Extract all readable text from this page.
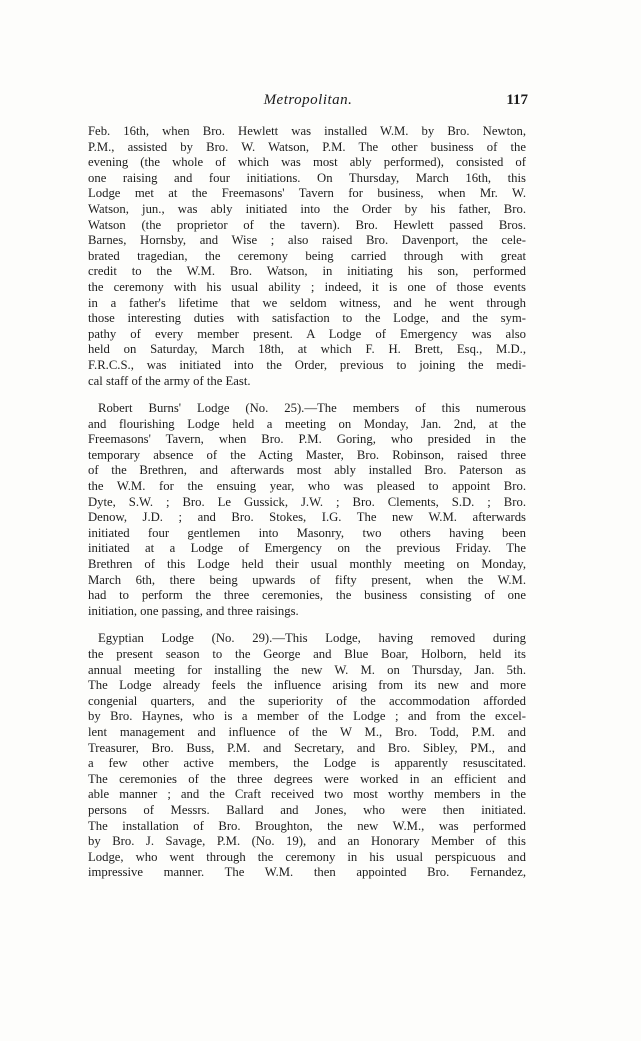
Metropolitan.	117

Feb. 16th, when Bro. Hewlett was installed W.M. by Bro. Newton,
P.M., assisted by Bro. W. Watson, P.M. The other business of the
evening (the whole of which was most ably performed), consisted of
one raising and four initiations. On Thursday, March 16th, this
Lodge met at the Freemasons' Tavern for business, when Mr. W.
Watson, jun., was ably initiated into the Order by his father, Bro.
Watson (the proprietor of the tavern). Bro. Hewlett passed Bros.
Barnes, Hornsby, and Wise ; also raised Bro. Davenport, the cele-
brated tragedian, the ceremony being carried through with great
credit to the W.M. Bro. Watson, in initiating his son, performed
the ceremony with his usual ability ; indeed, it is one of those events
in a father's lifetime that we seldom witness, and he went through
those interesting duties with satisfaction to the Lodge, and the sym-
pathy of every member present. A Lodge of Emergency was also
held on Saturday, March 18th, at which F. H. Brett, Esq., M.D.,
F.R.C.S., was initiated into the Order, previous to joining the medi-
cal staff of the army of the East.

Robert Burns' Lodge (No. 25).—The members of this numerous
and flourishing Lodge held a meeting on Monday, Jan. 2nd, at the
Freemasons' Tavern, when Bro. P.M. Goring, who presided in the
temporary absence of the Acting Master, Bro. Robinson, raised three
of the Brethren, and afterwards most ably installed Bro. Paterson as
the W.M. for the ensuing year, who was pleased to appoint Bro.
Dyte, S.W. ; Bro. Le Gussick, J.W. ; Bro. Clements, S.D. ; Bro.
Denow, J.D. ; and Bro. Stokes, I.G. The new W.M. afterwards
initiated four gentlemen into Masonry, two others having been
initiated at a Lodge of Emergency on the previous Friday. The
Brethren of this Lodge held their usual monthly meeting on Monday,
March 6th, there being upwards of fifty present, when the W.M.
had to perform the three ceremonies, the business consisting of one
initiation, one passing, and three raisings.

Egyptian Lodge (No. 29).—This Lodge, having removed during
the present season to the George and Blue Boar, Holborn, held its
annual meeting for installing the new W. M. on Thursday, Jan. 5th.
The Lodge already feels the influence arising from its new and more
congenial quarters, and the superiority of the accommodation afforded
by Bro. Haynes, who is a member of the Lodge ; and from the excel-
lent management and influence of the W M., Bro. Todd, P.M. and
Treasurer, Bro. Buss, P.M. and Secretary, and Bro. Sibley, PM., and
a few other active members, the Lodge is apparently resuscitated.
The ceremonies of the three degrees were worked in an efficient and
able manner ; and the Craft received two most worthy members in the
persons of Messrs. Ballard and Jones, who were then initiated.
The installation of Bro. Broughton, the new W.M., was performed
by Bro. J. Savage, P.M. (No. 19), and an Honorary Member of this
Lodge, who went through the ceremony in his usual perspicuous and
impressive manner. The W.M. then appointed Bro. Fernandez,
